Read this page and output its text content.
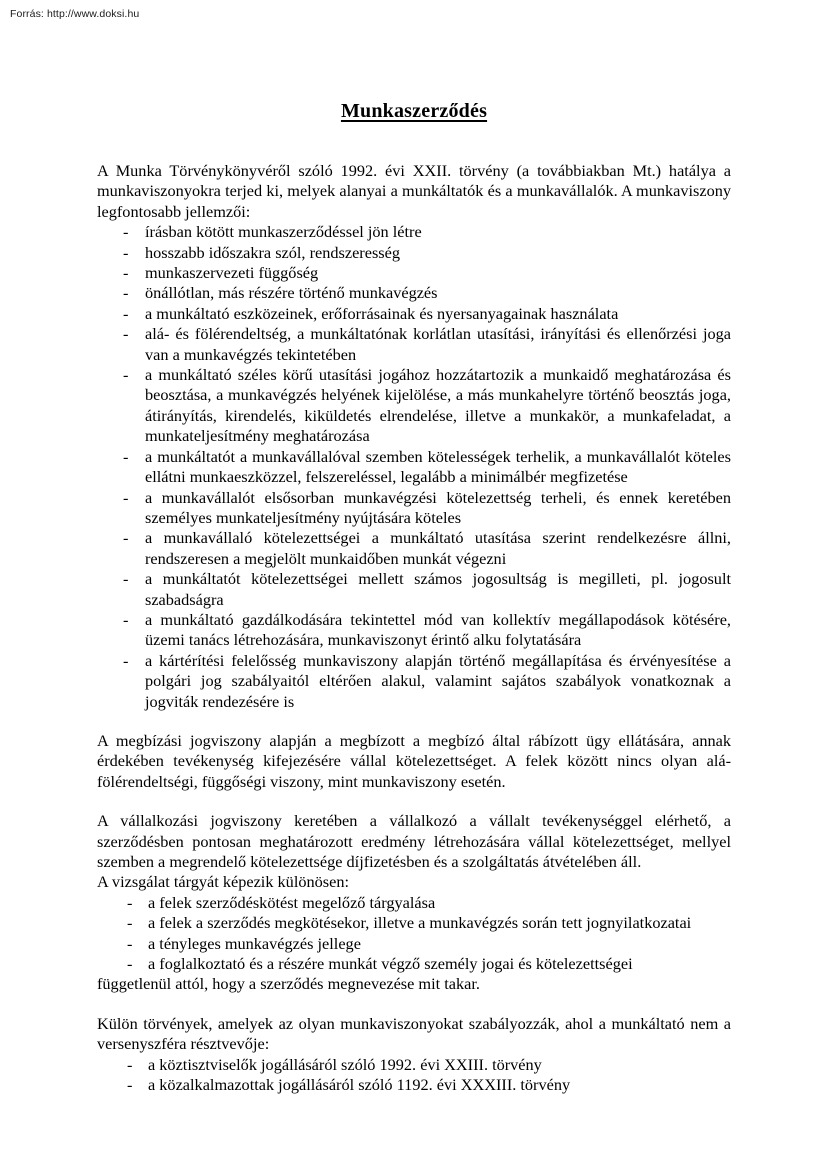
Forrás: http://www.doksi.hu
Munkaszerződés

A Munka Törvénykönyvéről szóló 1992. évi XXII. törvény (a továbbiakban Mt.) hatálya a munkaviszonyokra terjed ki, melyek alanyai a munkáltatók és a munkavállalók. A munkaviszony legfontosabb jellemzői:

- írásban kötött munkaszerződéssel jön létre
- hosszabb időszakra szól, rendszeresség
- munkaszervezeti függőség
- önállótlan, más részére történő munkavégzés
- a munkáltató eszközeinek, erőforrásainak és nyersanyagainak használata
- alá- és fölérendeltség, a munkáltatónak korlátlan utasítási, irányítási és ellenőrzési joga van a munkavégzés tekintetében
- a munkáltató széles körű utasítási jogához hozzátartozik a munkaidő meghatározása és beosztása, a munkavégzés helyének kijelölése, a más munkahelyre történő beosztás joga, átirányítás, kirendelés, kiküldetés elrendelése, illetve a munkakör, a munkafeladat, a munkateljesítmény meghatározása
- a munkáltatót a munkavállalóval szemben kötelességek terhelik, a munkavállalót köteles ellátni munkaeszközzel, felszereléssel, legalább a minimálbér megfizetése
- a munkavállalót elsősorban munkavégzési kötelezettség terheli, és ennek keretében személyes munkateljesítmény nyújtására köteles
- a munkavállaló kötelezettségei a munkáltató utasítása szerint rendelkezésre állni, rendszeresen a megjelölt munkaidőben munkát végezni
- a munkáltatót kötelezettségei mellett számos jogosultság is megilleti, pl. jogosult szabadságra
- a munkáltató gazdálkodására tekintettel mód van kollektív megállapodások kötésére, üzemi tanács létrehozására, munkaviszonyt érintő alku folytatására
- a kártérítési felelősség munkaviszony alapján történő megállapítása és érvényesítése a polgári jog szabályaitól eltérően alakul, valamint sajátos szabályok vonatkoznak a jogviták rendezésére is

A megbízási jogviszony alapján a megbízott a megbízó által rábízott ügy ellátására, annak érdekében tevékenység kifejezésére vállal kötelezettséget. A felek között nincs olyan alá-fölérendeltségi, függőségi viszony, mint munkaviszony esetén.

A vállalkozási jogviszony keretében a vállalkozó a vállalt tevékenységgel elérhető, a szerződésben pontosan meghatározott eredmény létrehozására vállal kötelezettséget, mellyel szemben a megrendelő kötelezettsége díjfizetésben és a szolgáltatás átvételében áll.

A vizsgálat tárgyát képezik különösen:

- a felek szerződéskötést megelőző tárgyalása
- a felek a szerződés megkötésekor, illetve a munkavégzés során tett jognyilatkozatai
- a tényleges munkavégzés jellege
- a foglalkoztató és a részére munkát végző személy jogai és kötelezettségei

függetlenül attól, hogy a szerződés megnevezése mit takar.

Külön törvények, amelyek az olyan munkaviszonyokat szabályozzák, ahol a munkáltató nem a versenyszféra résztvevője:

- a köztisztviselők jogállásáról szóló 1992. évi XXIII. törvény
- a közalkalmazottak jogállásáról szóló 1192. évi XXXIII. törvény
